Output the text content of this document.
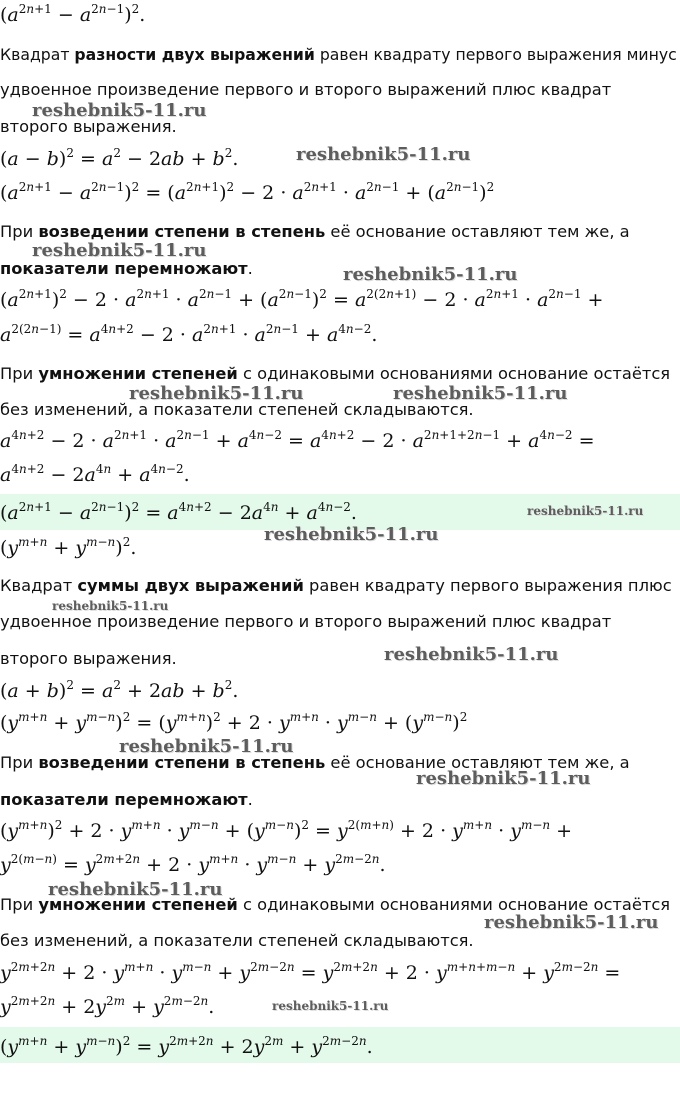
$(a^{2n+1} - a^{2n-1})^2$.
Квадрат разности двух выражений равен квадрату первого выражения минус
удвоенное произведение первого и второго выражений плюс квадрат
второго выражения.
$(a - b)^2 = a^2 - 2ab + b^2$.
$(a^{2n+1} - a^{2n-1})^2 = (a^{2n+1})^2 - 2 \cdot a^{2n+1} \cdot a^{2n-1} + (a^{2n-1})^2$
При возведении степени в степень её основание оставляют тем же, а
показатели перемножают.
$(a^{2n+1})^2 - 2 \cdot a^{2n+1} \cdot a^{2n-1} + (a^{2n-1})^2 = a^{2(2n+1)} - 2 \cdot a^{2n+1} \cdot a^{2n-1}$ +
$a^{2(2n-1)} = a^{4n+2} - 2 \cdot a^{2n+1} \cdot a^{2n-1} + a^{4n-2}$.
При умножении степеней с одинаковыми основаниями основание остаётся
без изменений, а показатели степеней складываются.
$a^{4n+2} - 2 \cdot a^{2n+1} \cdot a^{2n-1} + a^{4n-2} = a^{4n+2} - 2 \cdot a^{2n+1+2n-1} + a^{4n-2}$ =
$a^{4n+2} - 2a^{4n} + a^{4n-2}$.
$(a^{2n+1} - a^{2n-1})^2 = a^{4n+2} - 2a^{4n} + a^{4n-2}$.
$(y^{m+n} + y^{m-n})^2$.
Квадрат суммы двух выражений равен квадрату первого выражения плюс
удвоенное произведение первого и второго выражений плюс квадрат
второго выражения.
$(a + b)^2 = a^2 + 2ab + b^2$.
$(y^{m+n} + y^{m-n})^2 = (y^{m+n})^2 + 2 \cdot y^{m+n} \cdot y^{m-n} + (y^{m-n})^2$
При возведении степени в степень её основание оставляют тем же, а
показатели перемножают.
$(y^{m+n})^2 + 2 \cdot y^{m+n} \cdot y^{m-n} + (y^{m-n})^2 = y^{2(m+n)} + 2 \cdot y^{m+n} \cdot y^{m-n}$ +
$y^{2(m-n)} = y^{2m+2n} + 2 \cdot y^{m+n} \cdot y^{m-n} + y^{2m-2n}$.
При умножении степеней с одинаковыми основаниями основание остаётся
без изменений, а показатели степеней складываются.
$y^{2m+2n} + 2 \cdot y^{m+n} \cdot y^{m-n} + y^{2m-2n} = y^{2m+2n} + 2 \cdot y^{m+n+m-n} + y^{2m-2n}$ =
$y^{2m+2n} + 2y^{2m} + y^{2m-2n}$.
$(y^{m+n} + y^{m-n})^2 = y^{2m+2n} + 2y^{2m} + y^{2m-2n}$.
reshebnik5-11.ru
reshebnik5-11.ru
reshebnik5-11.ru
reshebnik5-11.ru
reshebnik5-11.ru	reshebnik5-11.ru
reshebnik5-11.ru
reshebnik5-11.ru
reshebnik5-11.ru
reshebnik5-11.ru
reshebnik5-11.ru
reshebnik5-11.ru
reshebnik5-11.ru
reshebnik5-11.ru
reshebnik5-11.ru
